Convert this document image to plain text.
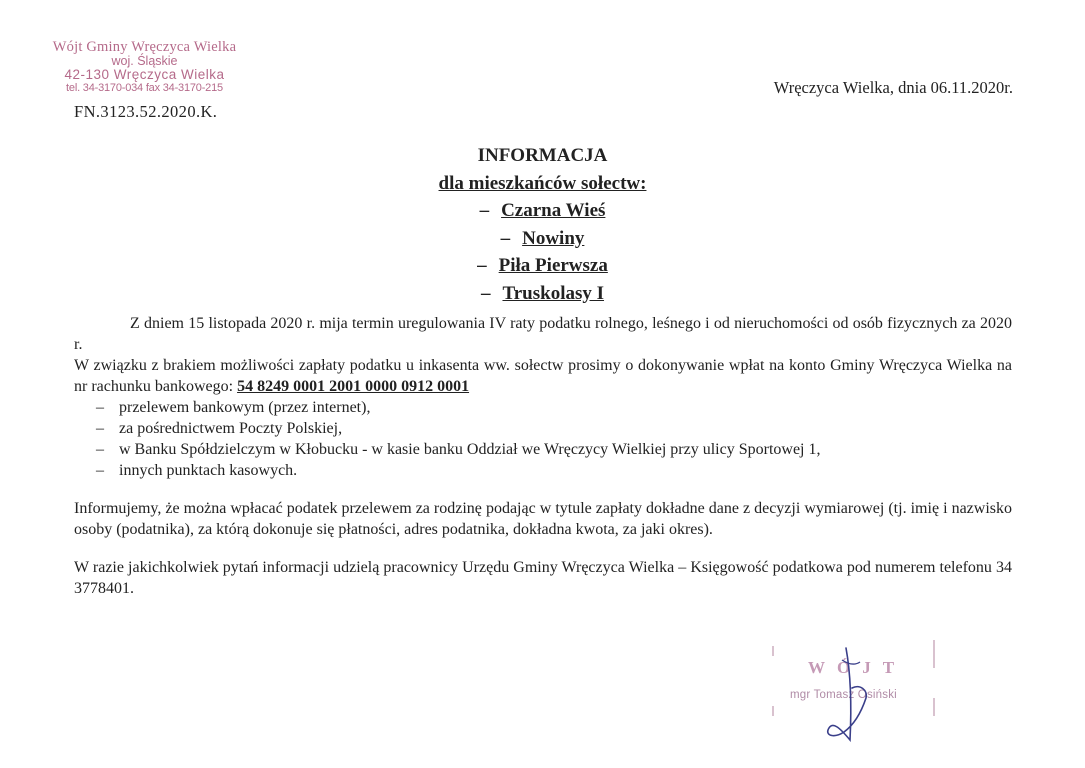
Wójt Gminy Wręczyca Wielka
woj. Śląskie
42-130 Wręczyca Wielka
tel. 34-3170-034 fax 34-3170-215
FN.3123.52.2020.K.
Wręczyca Wielka, dnia 06.11.2020r.
INFORMACJA
dla mieszkańców sołectw:
– Czarna Wieś
– Nowiny
– Piła Pierwsza
– Truskolasy I

Z dniem 15 listopada 2020 r. mija termin uregulowania IV raty podatku rolnego, leśnego i od nieruchomości od osób fizycznych za 2020 r.

W związku z brakiem możliwości zapłaty podatku u inkasenta ww. sołectw prosimy o dokonywanie wpłat na konto Gminy Wręczyca Wielka na nr rachunku bankowego: 54 8249 0001 2001 0000 0912 0001

– przelewem bankowym (przez internet),
– za pośrednictwem Poczty Polskiej,
– w Banku Spółdzielczym w Kłobucku - w kasie banku Oddział we Wręczycy Wielkiej przy ulicy Sportowej 1,
– innych punktach kasowych.

Informujemy, że można wpłacać podatek przelewem za rodzinę podając w tytule zapłaty dokładne dane z decyzji wymiarowej (tj. imię i nazwisko osoby (podatnika), za którą dokonuje się płatności, adres podatnika, dokładna kwota, za jaki okres).

W razie jakichkolwiek pytań informacji udzielą pracownicy Urzędu Gminy Wręczyca Wielka – Księgowość podatkowa pod numerem telefonu 34 3778401.

WÓJT
mgr Tomasz Osiński
